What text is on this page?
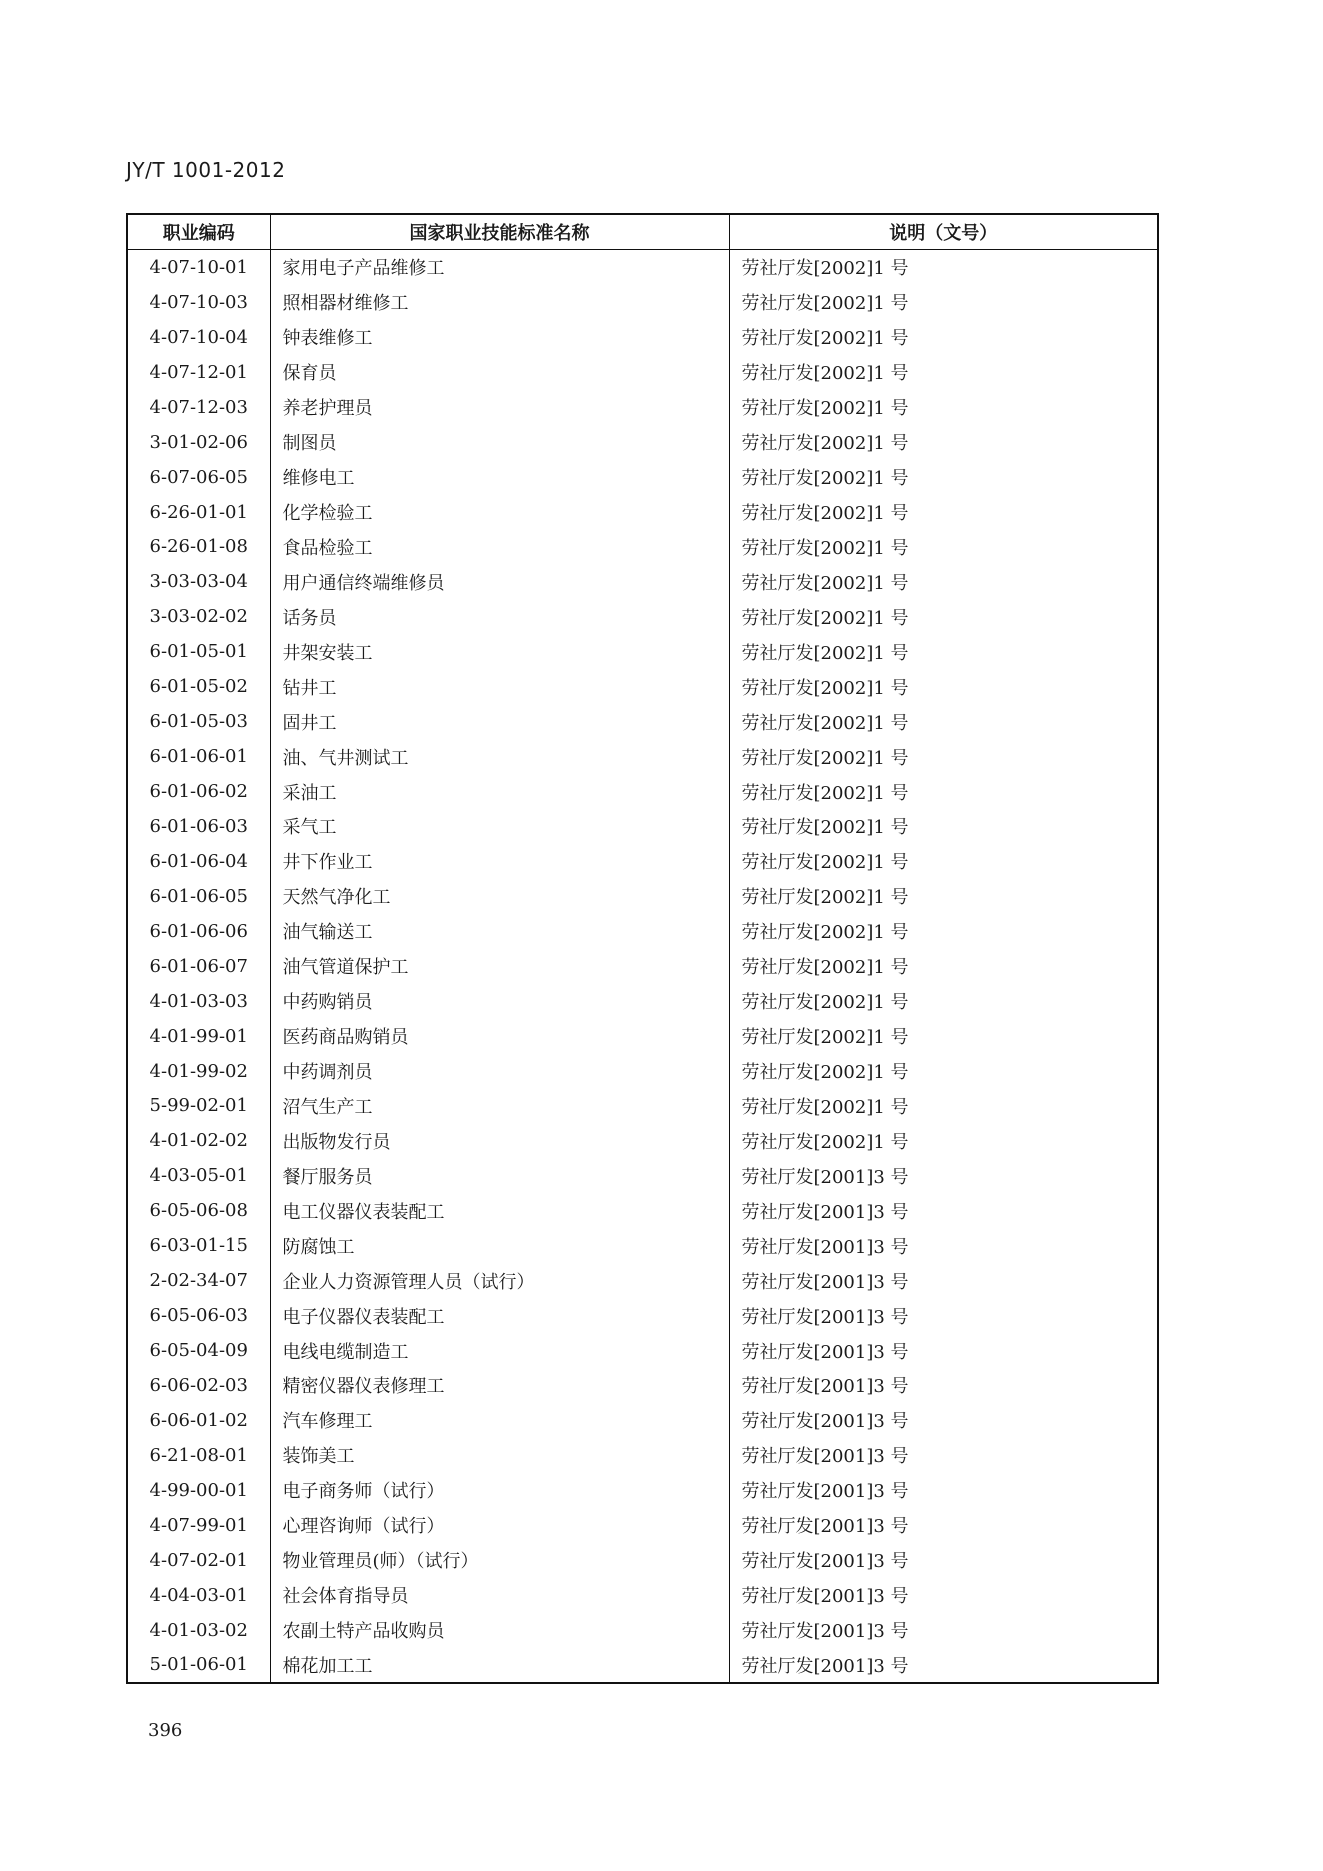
JY/T 1001-2012
职业编码	国家职业技能标准名称	说明（文号）
4-07-10-01	家用电子产品维修工	劳社厅发[2002]1 号
4-07-10-03	照相器材维修工	劳社厅发[2002]1 号
4-07-10-04	钟表维修工	劳社厅发[2002]1 号
4-07-12-01	保育员	劳社厅发[2002]1 号
4-07-12-03	养老护理员	劳社厅发[2002]1 号
3-01-02-06	制图员	劳社厅发[2002]1 号
6-07-06-05	维修电工	劳社厅发[2002]1 号
6-26-01-01	化学检验工	劳社厅发[2002]1 号
6-26-01-08	食品检验工	劳社厅发[2002]1 号
3-03-03-04	用户通信终端维修员	劳社厅发[2002]1 号
3-03-02-02	话务员	劳社厅发[2002]1 号
6-01-05-01	井架安装工	劳社厅发[2002]1 号
6-01-05-02	钻井工	劳社厅发[2002]1 号
6-01-05-03	固井工	劳社厅发[2002]1 号
6-01-06-01	油、气井测试工	劳社厅发[2002]1 号
6-01-06-02	采油工	劳社厅发[2002]1 号
6-01-06-03	采气工	劳社厅发[2002]1 号
6-01-06-04	井下作业工	劳社厅发[2002]1 号
6-01-06-05	天然气净化工	劳社厅发[2002]1 号
6-01-06-06	油气输送工	劳社厅发[2002]1 号
6-01-06-07	油气管道保护工	劳社厅发[2002]1 号
4-01-03-03	中药购销员	劳社厅发[2002]1 号
4-01-99-01	医药商品购销员	劳社厅发[2002]1 号
4-01-99-02	中药调剂员	劳社厅发[2002]1 号
5-99-02-01	沼气生产工	劳社厅发[2002]1 号
4-01-02-02	出版物发行员	劳社厅发[2002]1 号
4-03-05-01	餐厅服务员	劳社厅发[2001]3 号
6-05-06-08	电工仪器仪表装配工	劳社厅发[2001]3 号
6-03-01-15	防腐蚀工	劳社厅发[2001]3 号
2-02-34-07	企业人力资源管理人员（试行）	劳社厅发[2001]3 号
6-05-06-03	电子仪器仪表装配工	劳社厅发[2001]3 号
6-05-04-09	电线电缆制造工	劳社厅发[2001]3 号
6-06-02-03	精密仪器仪表修理工	劳社厅发[2001]3 号
6-06-01-02	汽车修理工	劳社厅发[2001]3 号
6-21-08-01	装饰美工	劳社厅发[2001]3 号
4-99-00-01	电子商务师（试行）	劳社厅发[2001]3 号
4-07-99-01	心理咨询师（试行）	劳社厅发[2001]3 号
4-07-02-01	物业管理员(师）（试行）	劳社厅发[2001]3 号
4-04-03-01	社会体育指导员	劳社厅发[2001]3 号
4-01-03-02	农副土特产品收购员	劳社厅发[2001]3 号
5-01-06-01	棉花加工工	劳社厅发[2001]3 号
396
